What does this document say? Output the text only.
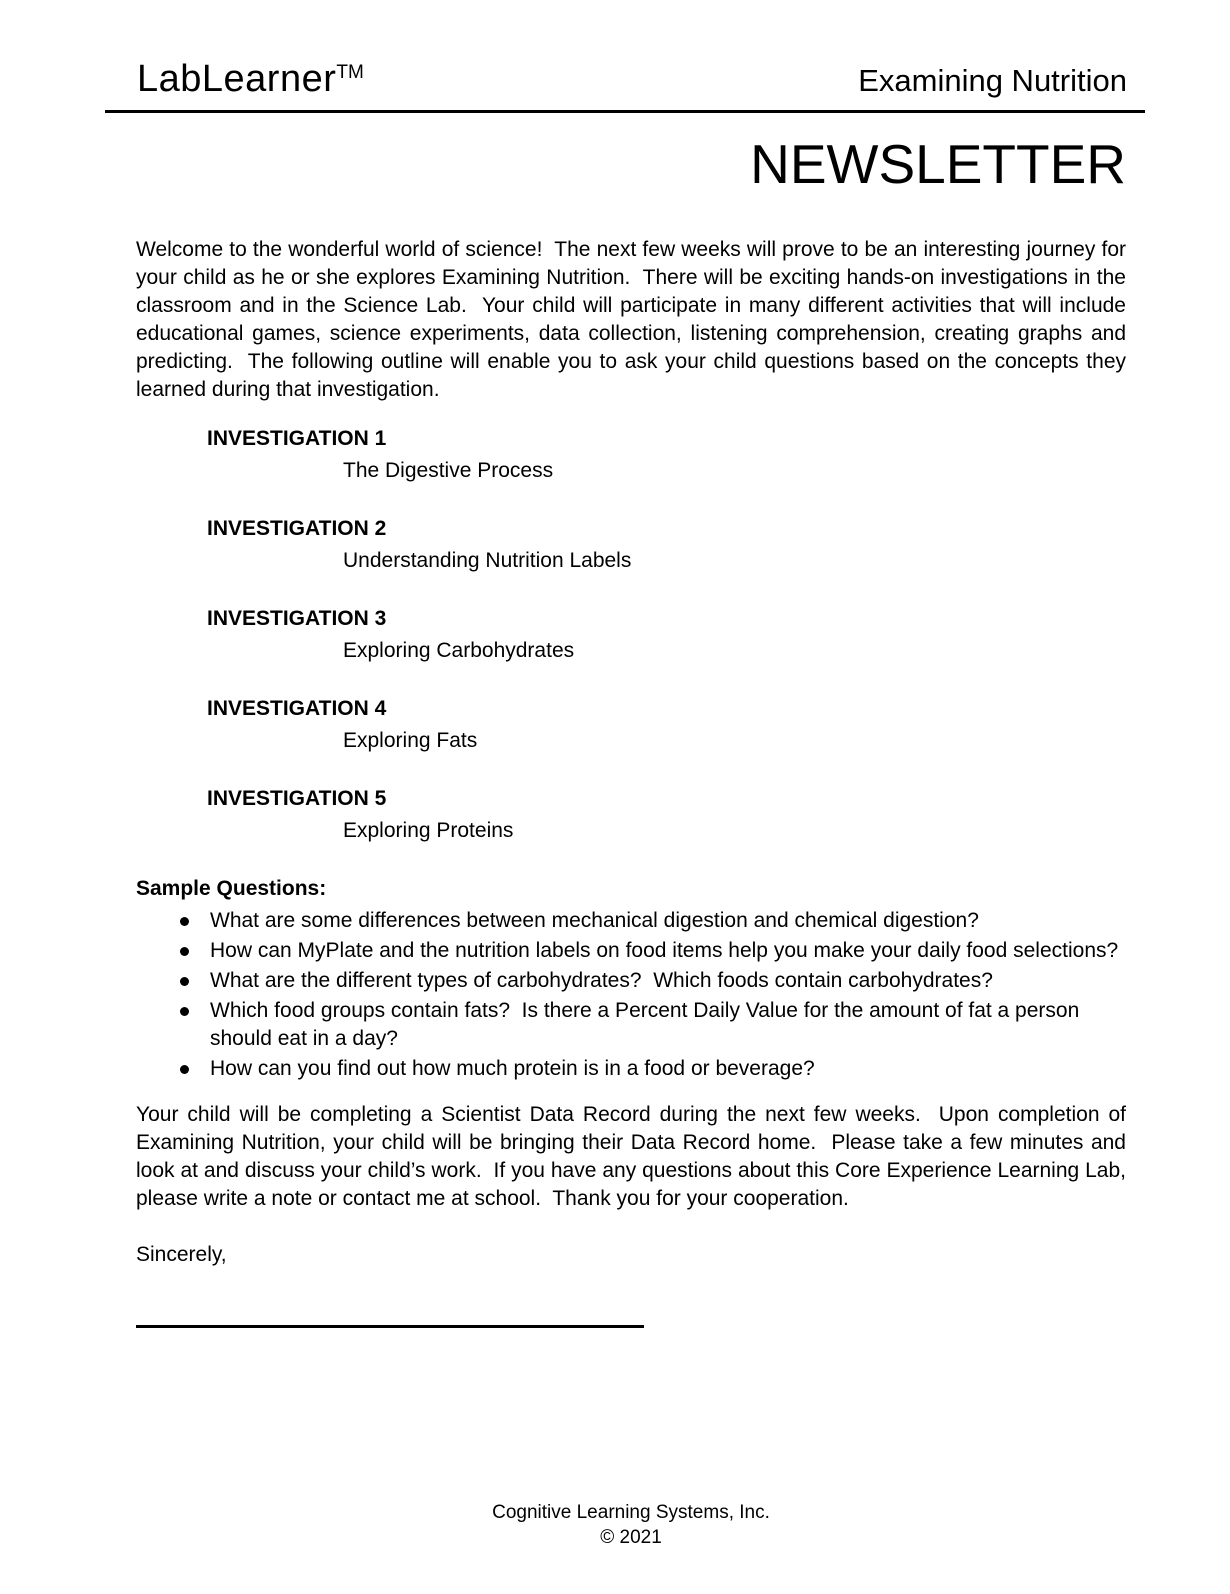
LabLearner™	Examining Nutrition
NEWSLETTER

Welcome to the wonderful world of science!  The next few weeks will prove to be an interesting journey for your child as he or she explores Examining Nutrition.  There will be exciting hands-on investigations in the classroom and in the Science Lab.  Your child will participate in many different activities that will include educational games, science experiments, data collection, listening comprehension, creating graphs and predicting.  The following outline will enable you to ask your child questions based on the concepts they learned during that investigation.

INVESTIGATION 1
The Digestive Process
INVESTIGATION 2
Understanding Nutrition Labels
INVESTIGATION 3
Exploring Carbohydrates
INVESTIGATION 4
Exploring Fats
INVESTIGATION 5
Exploring Proteins
Sample Questions:
What are some differences between mechanical digestion and chemical digestion?
How can MyPlate and the nutrition labels on food items help you make your daily food selections?
What are the different types of carbohydrates?  Which foods contain carbohydrates?
Which food groups contain fats?  Is there a Percent Daily Value for the amount of fat a person should eat in a day?
How can you find out how much protein is in a food or beverage?

Your child will be completing a Scientist Data Record during the next few weeks.  Upon completion of Examining Nutrition, your child will be bringing their Data Record home.  Please take a few minutes and look at and discuss your child’s work.  If you have any questions about this Core Experience Learning Lab, please write a note or contact me at school.  Thank you for your cooperation.

Sincerely,
Cognitive Learning Systems, Inc.
© 2021
